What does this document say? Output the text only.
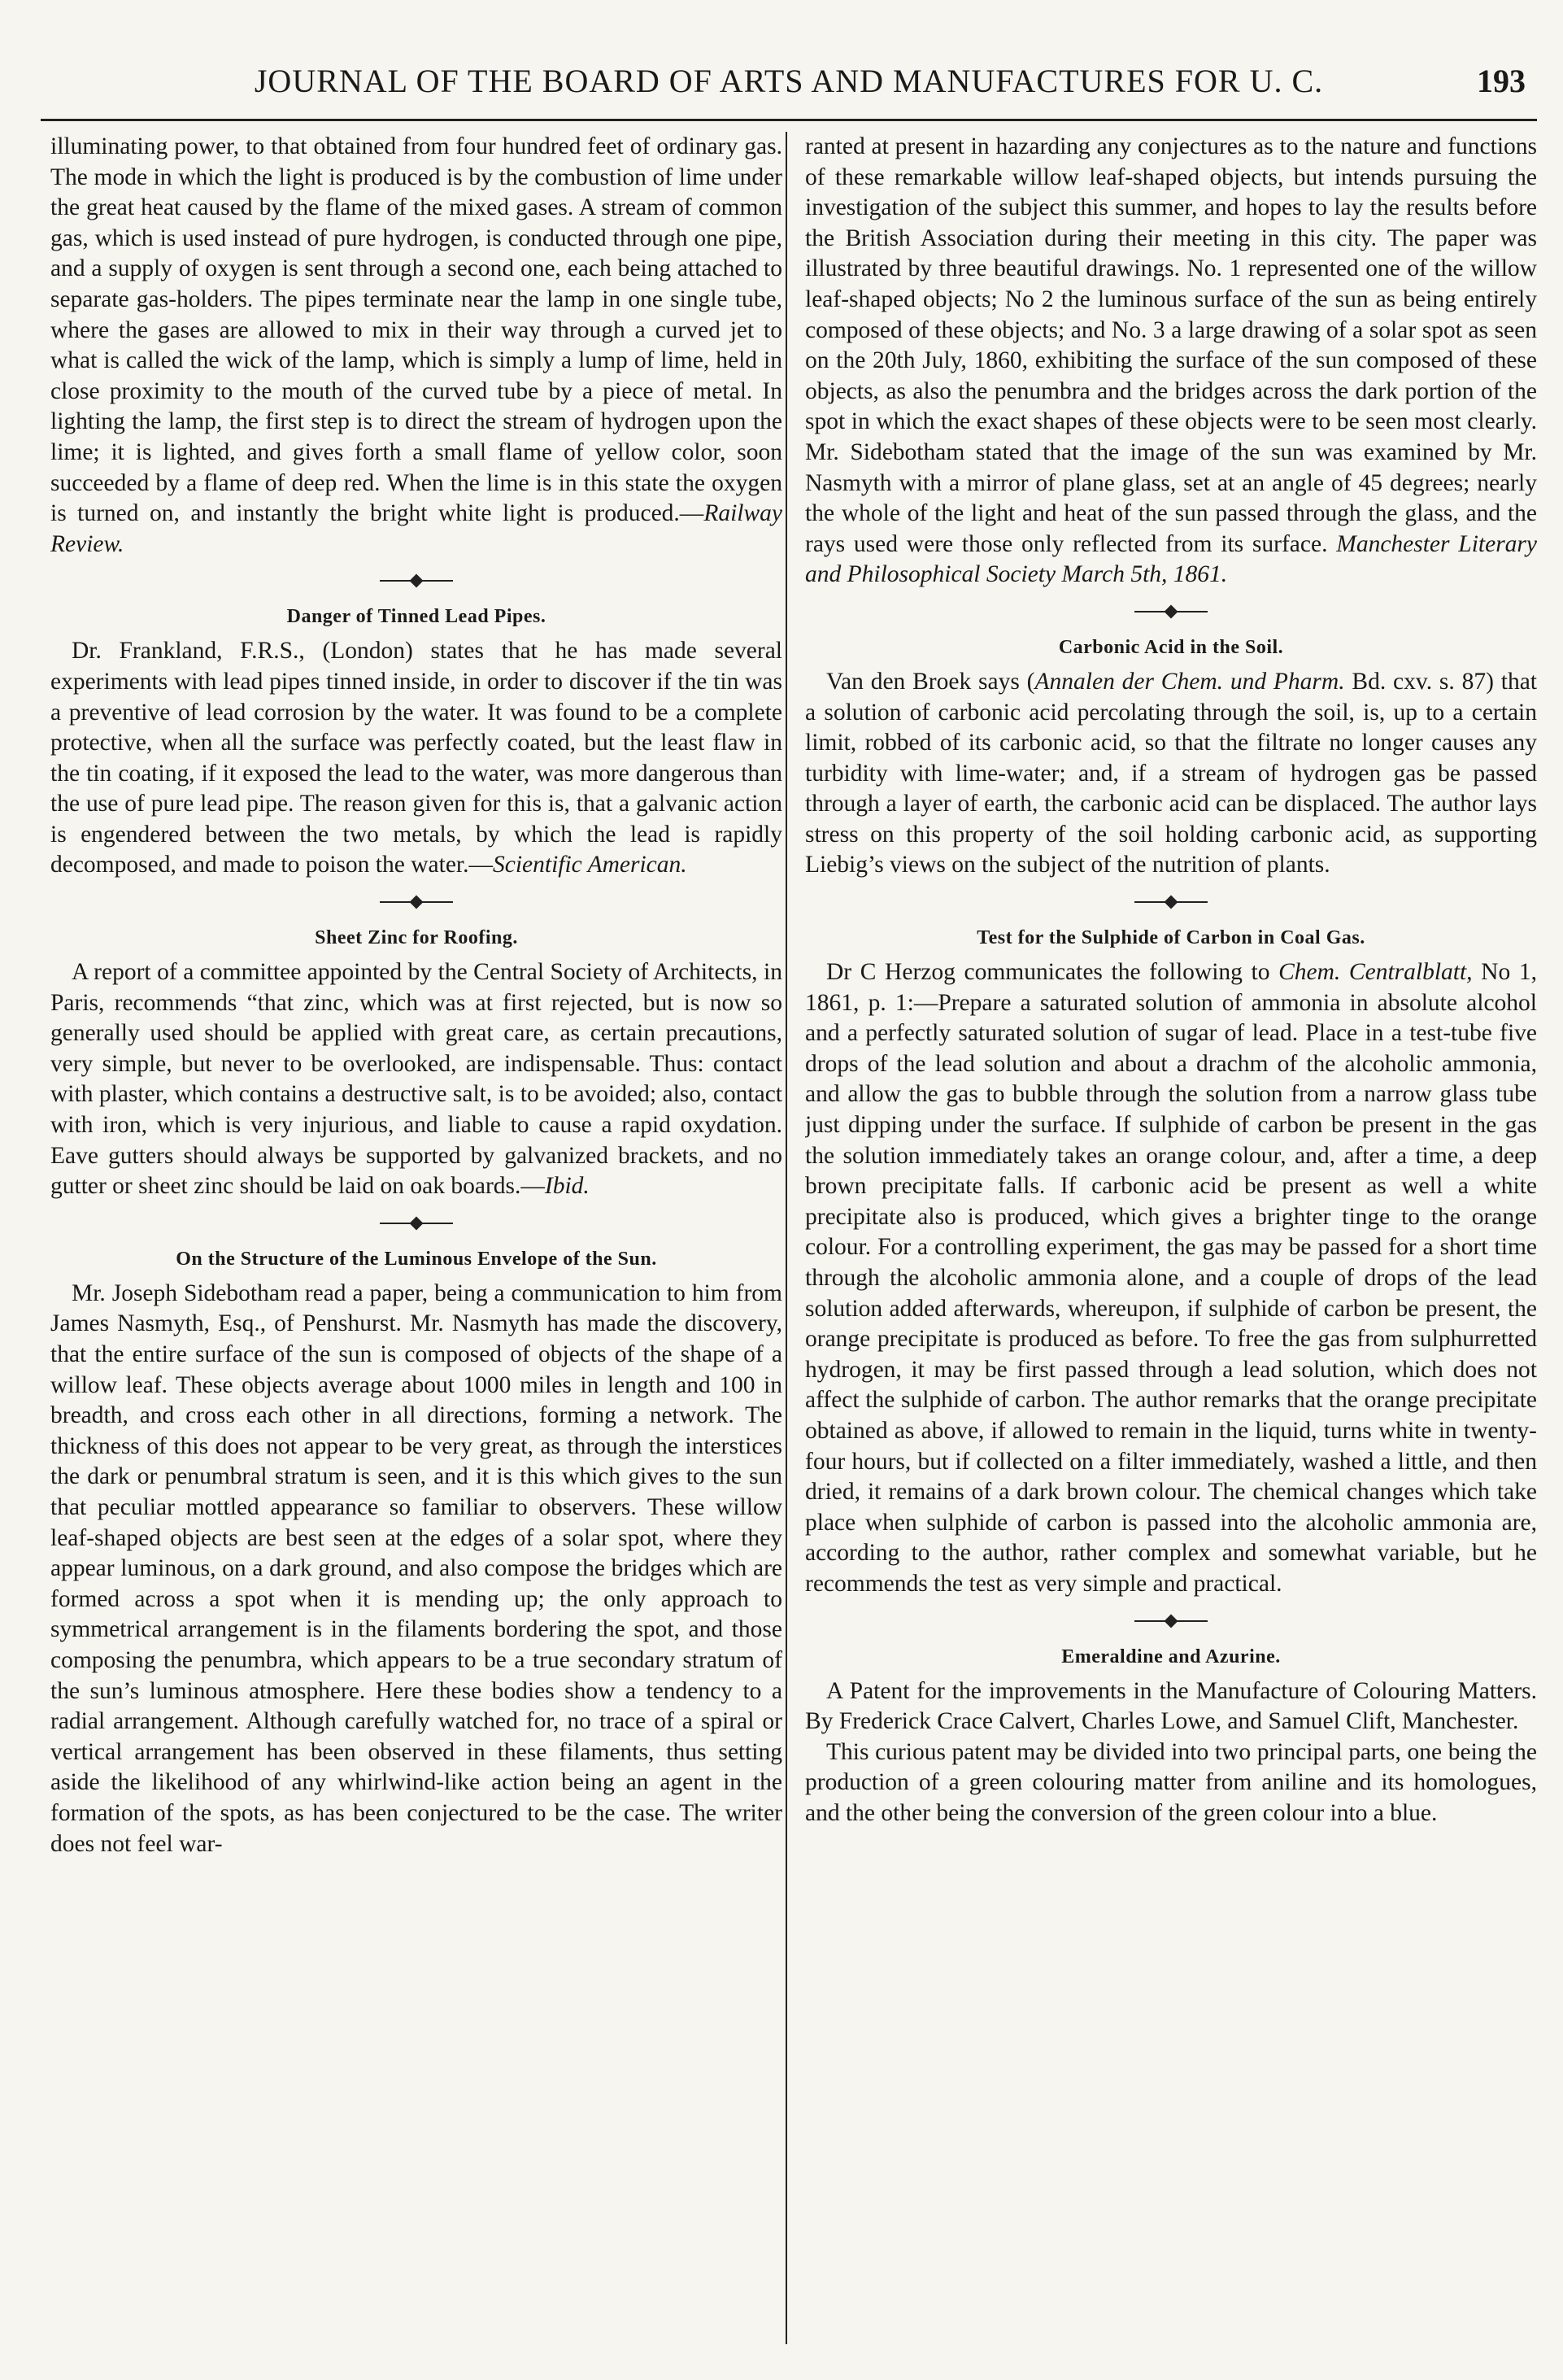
JOURNAL OF THE BOARD OF ARTS AND MANUFACTURES FOR U. C.	193

illuminating power, to that obtained from four hundred feet of ordinary gas. The mode in which the light is produced is by the combustion of lime under the great heat caused by the flame of the mixed gases. A stream of common gas, which is used instead of pure hydrogen, is conducted through one pipe, and a supply of oxygen is sent through a second one, each being attached to separate gas-holders. The pipes terminate near the lamp in one single tube, where the gases are allowed to mix in their way through a curved jet to what is called the wick of the lamp, which is simply a lump of lime, held in close proximity to the mouth of the curved tube by a piece of metal. In lighting the lamp, the first step is to direct the stream of hydrogen upon the lime; it is lighted, and gives forth a small flame of yellow color, soon succeeded by a flame of deep red. When the lime is in this state the oxygen is turned on, and instantly the bright white light is produced.—Railway Review.

Danger of Tinned Lead Pipes.

Dr. Frankland, F.R.S., (London) states that he has made several experiments with lead pipes tinned inside, in order to discover if the tin was a preventive of lead corrosion by the water. It was found to be a complete protective, when all the surface was perfectly coated, but the least flaw in the tin coating, if it exposed the lead to the water, was more dangerous than the use of pure lead pipe. The reason given for this is, that a galvanic action is engendered between the two metals, by which the lead is rapidly decomposed, and made to poison the water.—Scientific American.

Sheet Zinc for Roofing.

A report of a committee appointed by the Central Society of Architects, in Paris, recommends “that zinc, which was at first rejected, but is now so generally used should be applied with great care, as certain precautions, very simple, but never to be overlooked, are indispensable. Thus: contact with plaster, which contains a destructive salt, is to be avoided; also, contact with iron, which is very injurious, and liable to cause a rapid oxydation. Eave gutters should always be supported by galvanized brackets, and no gutter or sheet zinc should be laid on oak boards.—Ibid.

On the Structure of the Luminous Envelope of the Sun.

Mr. Joseph Sidebotham read a paper, being a communication to him from James Nasmyth, Esq., of Penshurst. Mr. Nasmyth has made the discovery, that the entire surface of the sun is composed of objects of the shape of a willow leaf. These objects average about 1000 miles in length and 100 in breadth, and cross each other in all directions, forming a network. The thickness of this does not appear to be very great, as through the interstices the dark or penumbral stratum is seen, and it is this which gives to the sun that peculiar mottled appearance so familiar to observers. These willow leaf-shaped objects are best seen at the edges of a solar spot, where they appear luminous, on a dark ground, and also compose the bridges which are formed across a spot when it is mending up; the only approach to symmetrical arrangement is in the filaments bordering the spot, and those composing the penumbra, which appears to be a true secondary stratum of the sun’s luminous atmosphere. Here these bodies show a tendency to a radial arrangement. Although carefully watched for, no trace of a spiral or vertical arrangement has been observed in these filaments, thus setting aside the likelihood of any whirlwind-like action being an agent in the formation of the spots, as has been conjectured to be the case. The writer does not feel war-

ranted at present in hazarding any conjectures as to the nature and functions of these remarkable willow leaf-shaped objects, but intends pursuing the investigation of the subject this summer, and hopes to lay the results before the British Association during their meeting in this city. The paper was illustrated by three beautiful drawings. No. 1 represented one of the willow leaf-shaped objects; No 2 the luminous surface of the sun as being entirely composed of these objects; and No. 3 a large drawing of a solar spot as seen on the 20th July, 1860, exhibiting the surface of the sun composed of these objects, as also the penumbra and the bridges across the dark portion of the spot in which the exact shapes of these objects were to be seen most clearly. Mr. Sidebotham stated that the image of the sun was examined by Mr. Nasmyth with a mirror of plane glass, set at an angle of 45 degrees; nearly the whole of the light and heat of the sun passed through the glass, and the rays used were those only reflected from its surface. Manchester Literary and Philosophical Society March 5th, 1861.

Carbonic Acid in the Soil.

Van den Broek says (Annalen der Chem. und Pharm. Bd. cxv. s. 87) that a solution of carbonic acid percolating through the soil, is, up to a certain limit, robbed of its carbonic acid, so that the filtrate no longer causes any turbidity with lime-water; and, if a stream of hydrogen gas be passed through a layer of earth, the carbonic acid can be displaced. The author lays stress on this property of the soil holding carbonic acid, as supporting Liebig’s views on the subject of the nutrition of plants.

Test for the Sulphide of Carbon in Coal Gas.

Dr C Herzog communicates the following to Chem. Centralblatt, No 1, 1861, p. 1:—Prepare a saturated solution of ammonia in absolute alcohol and a perfectly saturated solution of sugar of lead. Place in a test-tube five drops of the lead solution and about a drachm of the alcoholic ammonia, and allow the gas to bubble through the solution from a narrow glass tube just dipping under the surface. If sulphide of carbon be present in the gas the solution immediately takes an orange colour, and, after a time, a deep brown precipitate falls. If carbonic acid be present as well a white precipitate also is produced, which gives a brighter tinge to the orange colour. For a controlling experiment, the gas may be passed for a short time through the alcoholic ammonia alone, and a couple of drops of the lead solution added afterwards, whereupon, if sulphide of carbon be present, the orange precipitate is produced as before. To free the gas from sulphurretted hydrogen, it may be first passed through a lead solution, which does not affect the sulphide of carbon. The author remarks that the orange precipitate obtained as above, if allowed to remain in the liquid, turns white in twenty-four hours, but if collected on a filter immediately, washed a little, and then dried, it remains of a dark brown colour. The chemical changes which take place when sulphide of carbon is passed into the alcoholic ammonia are, according to the author, rather complex and somewhat variable, but he recommends the test as very simple and practical.

Emeraldine and Azurine.

A Patent for the improvements in the Manufacture of Colouring Matters. By Frederick Crace Calvert, Charles Lowe, and Samuel Clift, Manchester.

This curious patent may be divided into two principal parts, one being the production of a green colouring matter from aniline and its homologues, and the other being the conversion of the green colour into a blue.
